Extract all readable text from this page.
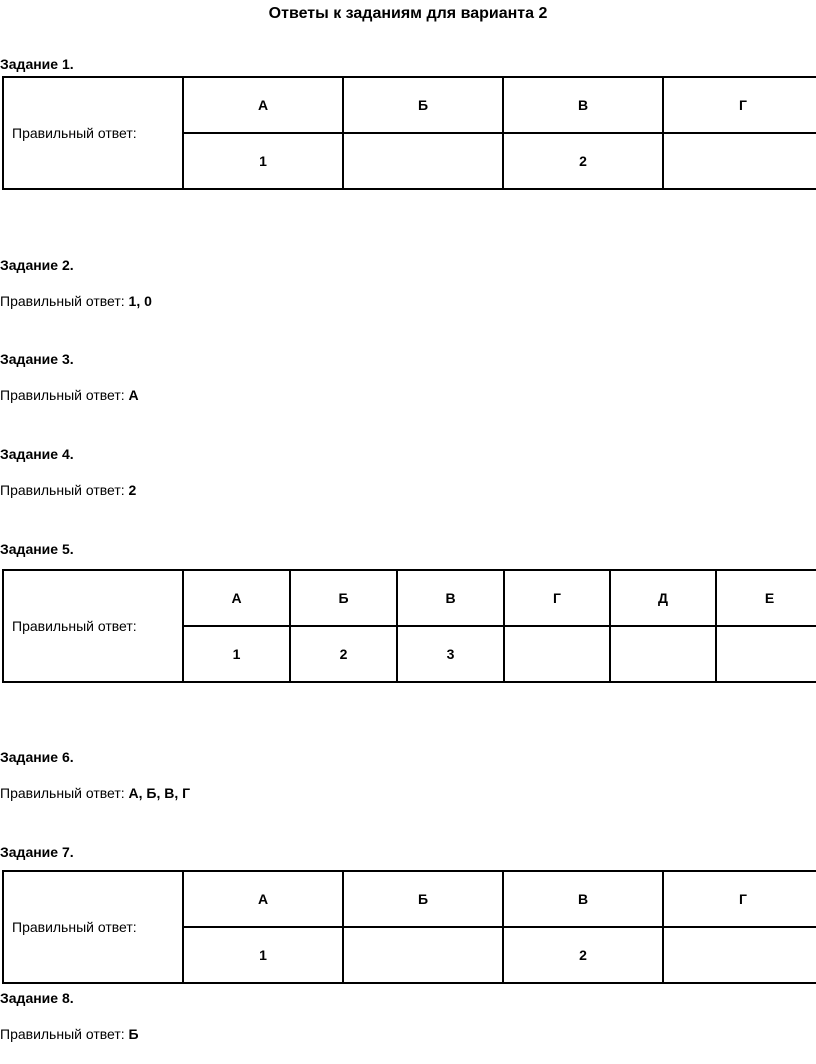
Ответы к заданиям для варианта 2
Задание 1.
Правильный ответ:	А	Б	В	Г
	1		2	
Задание 2.
Правильный ответ: 1, 0
Задание 3.
Правильный ответ: А
Задание 4.
Правильный ответ: 2
Задание 5.
Правильный ответ:	А	Б	В	Г	Д	Е
	1	2	3			
Задание 6.
Правильный ответ: А, Б, В, Г
Задание 7.
Правильный ответ:	А	Б	В	Г
	1		2	
Задание 8.
Правильный ответ: Б
